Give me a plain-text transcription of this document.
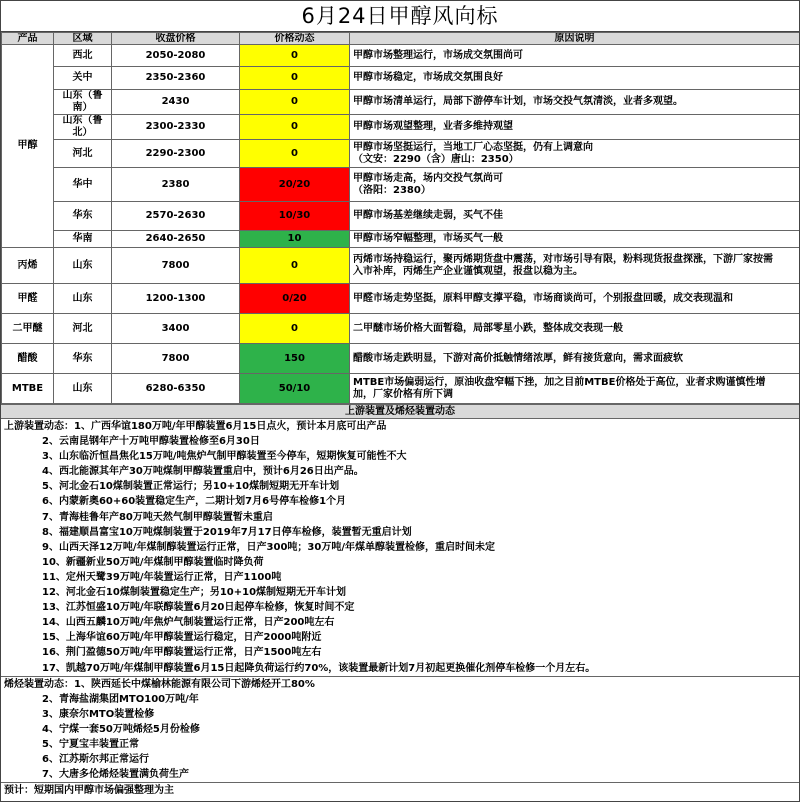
6月24日甲醇风向标
产品	区域	收盘价格	价格动态	原因说明
甲醇	西北	2050-2080	0	甲醇市场整理运行，市场成交氛围尚可

	关中	2350-2360	0	甲醇市场稳定，市场成交氛围良好

	山东（鲁南）	2430	0	甲醇市场清单运行，局部下游停车计划，市场交投气氛清淡，业者多观望。

	山东（鲁北）	2300-2330	0	甲醇市场观望整理，业者多维持观望

	河北	2290-2300	0	甲醇市场坚挺运行，当地工厂心态坚挺，仍有上调意向
（文安：2290（含）唐山：2350）

	华中	2380	20/20	甲醇市场走高，场内交投气氛尚可
（洛阳：2380）

	华东	2570-2630	10/30	甲醇市场基差继续走弱，买气不佳

	华南	2640-2650	10	甲醇市场窄幅整理，市场买气一般

丙烯	山东	7800	0	丙烯市场持稳运行，聚丙烯期货盘中震荡，对市场引导有限，粉料现货报盘探涨，下游厂家按需
入市补库，丙烯生产企业谨慎观望，报盘以稳为主。

甲醛	山东	1200-1300	0/20	甲醛市场走势坚挺，原料甲醇支撑平稳，市场商谈尚可，个别报盘回暖，成交表现温和

二甲醚	河北	3400	0	二甲醚市场价格大面暂稳，局部零星小跌，整体成交表现一般

醋酸	华东	7800	150	醋酸市场走跌明显，下游对高价抵触情绪浓厚，鲜有接货意向，需求面疲软

MTBE	山东	6280-6350	50/10	MTBE市场偏弱运行，原油收盘窄幅下挫，加之目前MTBE价格处于高位，业者求购谨慎性增
加，厂家价格有所下调
上游装置及烯烃装置动态
上游装置动态：1、广西华谊180万吨/年甲醇装置6月15日点火，预计本月底可出产品
2、云南昆钢年产十万吨甲醇装置检修至6月30日
3、山东临沂恒昌焦化15万吨/吨焦炉气制甲醇装置至今停车，短期恢复可能性不大
4、西北能源其年产30万吨煤制甲醇装置重启中，预计6月26日出产品。
5、河北金石10煤制装置正常运行；另10+10煤制短期无开车计划
6、内蒙新奥60+60装置稳定生产，二期计划7月6号停车检修1个月
7、青海桂鲁年产80万吨天然气制甲醇装置暂未重启
8、福建顺昌富宝10万吨煤制装置于2019年7月17日停车检修，装置暂无重启计划
9、山西天泽12万吨/年煤制醇装置运行正常，日产300吨；30万吨/年煤单醇装置检修，重启时间未定
10、新疆新业50万吨/年煤制甲醇装置临时降负荷
11、定州天鹭39万吨/年装置运行正常，日产1100吨
12、河北金石10煤制装置稳定生产；另10+10煤制短期无开车计划
13、江苏恒盛10万吨/年联醇装置6月20日起停车检修，恢复时间不定
14、山西五麟10万吨/年焦炉气制装置运行正常，日产200吨左右
15、上海华谊60万吨/年甲醇装置运行稳定，日产2000吨附近
16、荆门盈德50万吨/年甲醇装置运行正常，日产1500吨左右
17、凯越70万吨/年煤制甲醇装置6月15日起降负荷运行约70%，该装置最新计划7月初起更换催化剂停车检修一个月左右。
烯烃装置动态：1、陕西延长中煤榆林能源有限公司下游烯烃开工80%
2、青海盐湖集团MTO100万吨/年
3、康奈尔MTO装置检修
4、宁煤一套50万吨烯烃5月份检修
5、宁夏宝丰装置正常
6、江苏斯尔邦正常运行
7、大唐多伦烯烃装置满负荷生产
预计：短期国内甲醇市场偏强整理为主
